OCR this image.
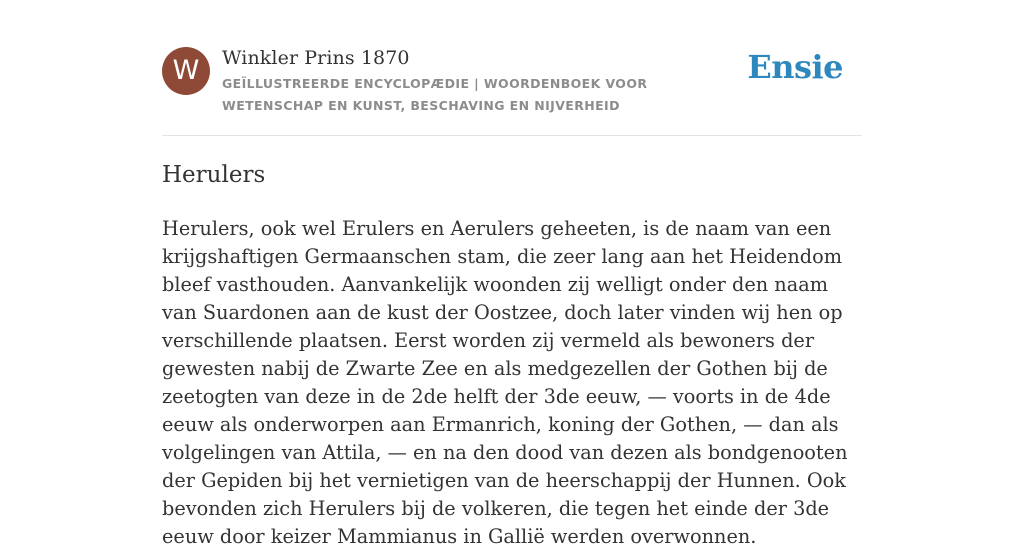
W	Winkler Prins 1870
GEÏLLUSTREERDE ENCYCLOPÆDIE | WOORDENBOEK VOOR WETENSCHAP EN KUNST, BESCHAVING EN NIJVERHEID
Ensie
Herulers
Herulers, ook wel Erulers en Aerulers geheeten, is de naam van een krijgshaftigen Germaanschen stam, die zeer lang aan het Heidendom bleef vasthouden. Aanvankelijk woonden zij welligt onder den naam van Suardonen aan de kust der Oostzee, doch later vinden wij hen op verschillende plaatsen. Eerst worden zij vermeld als bewoners der gewesten nabij de Zwarte Zee en als medgezellen der Gothen bij de zeetogten van deze in de 2de helft der 3de eeuw, — voorts in de 4de eeuw als onderworpen aan Ermanrich, koning der Gothen, — dan als volgelingen van Attila, — en na den dood van dezen als bondgenooten der Gepiden bij het vernietigen van de heerschappij der Hunnen. Ook bevonden zich Herulers bij de volkeren, die tegen het einde der 3de eeuw door keizer Mammianus in Gallië werden overwonnen.
